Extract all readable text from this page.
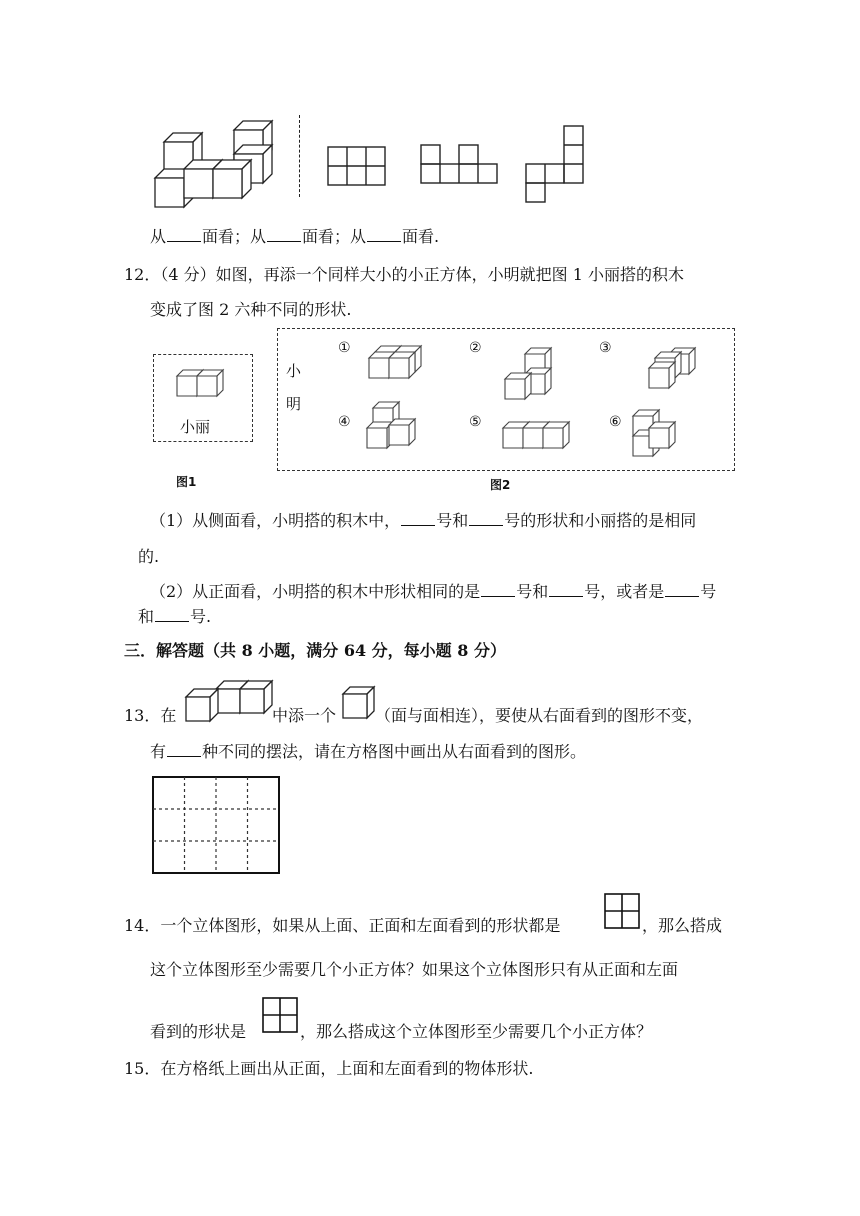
从 面看；从 面看；从 面看.
12．（4 分）如图，再添一个同样大小的小正方体，小明就把图 1 小丽搭的积木
变成了图 2 六种不同的形状.
小丽
图1
小
明
①	②	③
④	⑤	⑥
图2
（1）从侧面看，小明搭的积木中， 号和 号的形状和小丽搭的是相同
的.
（2）从正面看，小明搭的积木中形状相同的是 号和 号，或者是 号
和 号.
三．解答题（共 8 小题，满分 64 分，每小题 8 分）
13．在	中添一个 （面与面相连），要使从右面看到的图形不变，
有 种不同的摆法，请在方格图中画出从右面看到的图形。
14．一个立体图形，如果从上面、正面和左面看到的形状都是	，那么搭成
这个立体图形至少需要几个小正方体？如果这个立体图形只有从正面和左面
看到的形状是	，那么搭成这个立体图形至少需要几个小正方体？
15．在方格纸上画出从正面，上面和左面看到的物体形状.
